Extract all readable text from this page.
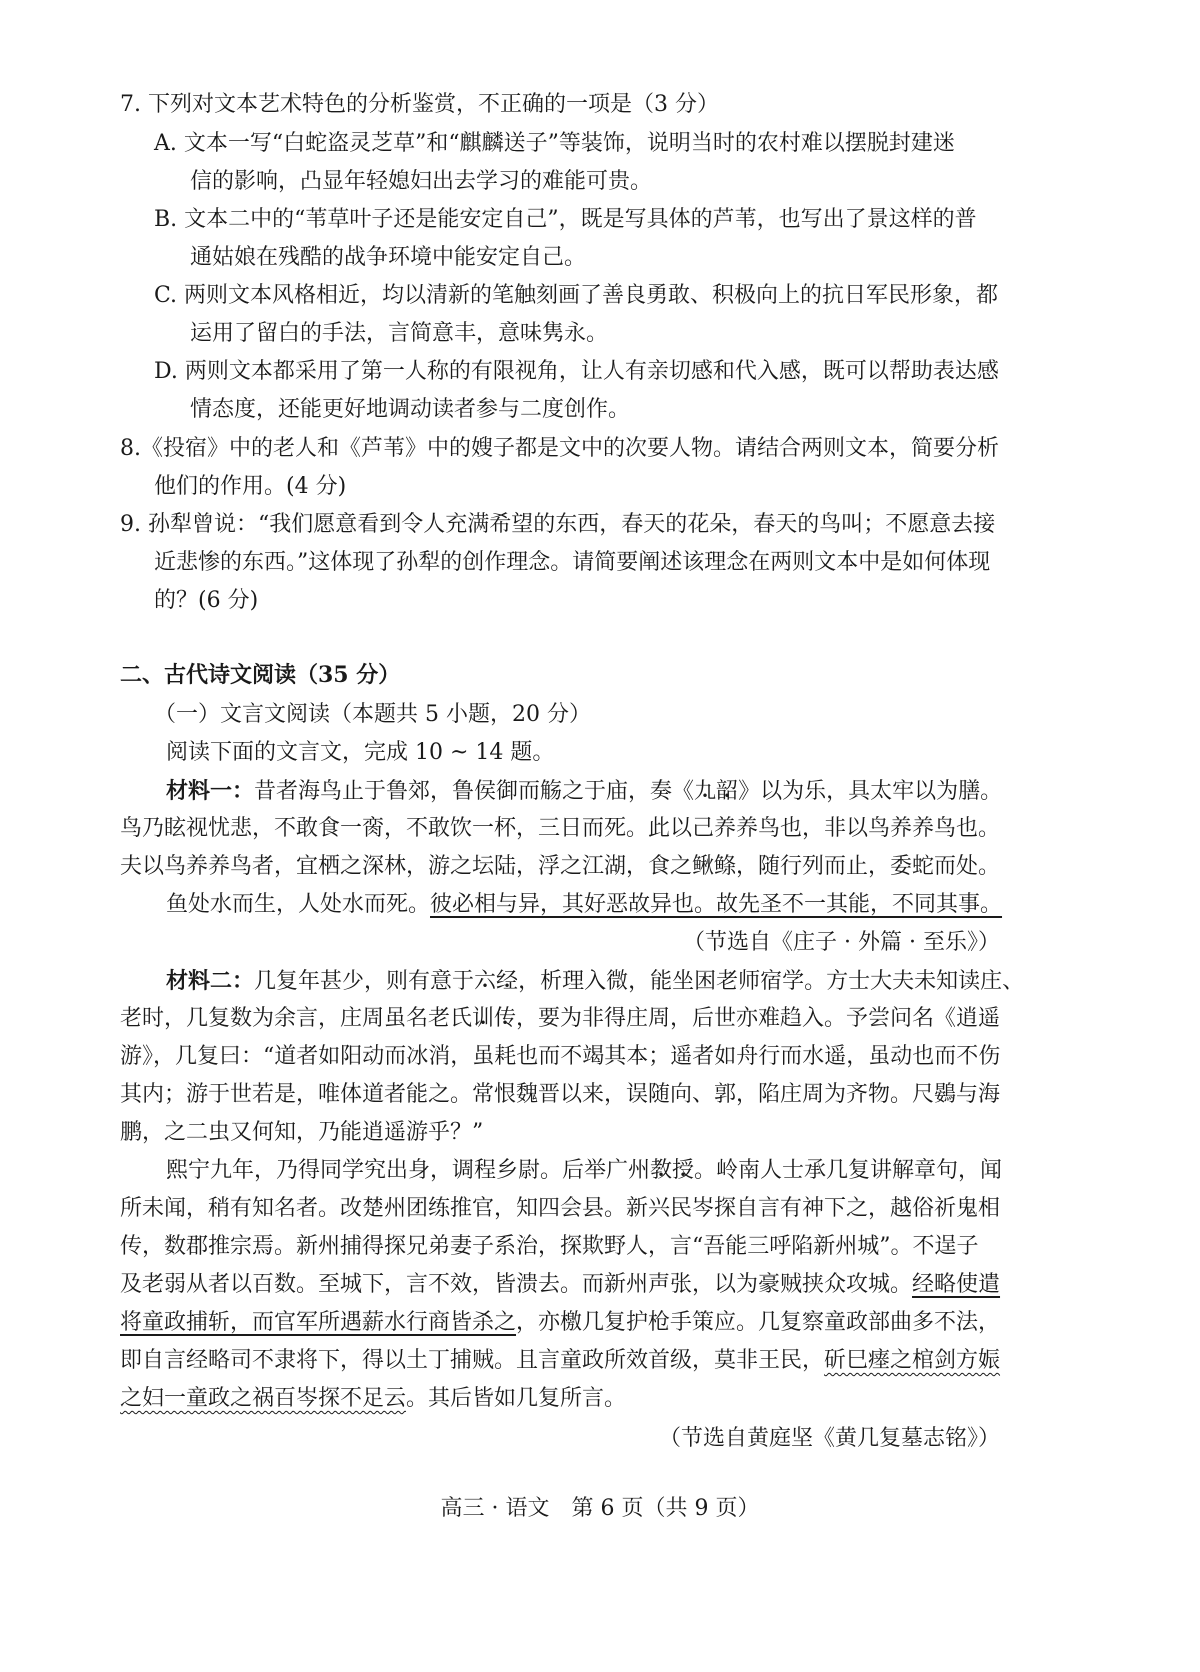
7. 下列对文本艺术特色的分析鉴赏，不正确的一项是（3 分）
A. 文本一写“白蛇盗灵芝草”和“麒麟送子”等装饰，说明当时的农村难以摆脱封建迷
信的影响，凸显年轻媳妇出去学习的难能可贵。
B. 文本二中的“苇草叶子还是能安定自己”，既是写具体的芦苇，也写出了景这样的普
通姑娘在残酷的战争环境中能安定自己。
C. 两则文本风格相近，均以清新的笔触刻画了善良勇敢、积极向上的抗日军民形象，都
运用了留白的手法，言简意丰，意味隽永。
D. 两则文本都采用了第一人称的有限视角，让人有亲切感和代入感，既可以帮助表达感
情态度，还能更好地调动读者参与二度创作。
8.《投宿》中的老人和《芦苇》中的嫂子都是文中的次要人物。请结合两则文本，简要分析
他们的作用。(4 分)
9. 孙犁曾说：“我们愿意看到令人充满希望的东西，春天的花朵，春天的鸟叫；不愿意去接
近悲惨的东西。”这体现了孙犁的创作理念。请简要阐述该理念在两则文本中是如何体现
的？(6 分)
二、古代诗文阅读（35 分）
（一）文言文阅读（本题共 5 小题，20 分）
阅读下面的文言文，完成 10 ~ 14 题。
材料一：昔者海鸟止于鲁郊，鲁侯御而觞之于庙，奏《九 •韶 •》以为乐，具太牢以为膳。
鸟乃眩视忧悲，不敢食一脔，不敢饮一杯，三日而死。此以己养养鸟也，非以鸟养养鸟也。
夫以鸟养养鸟者，宜栖之深林，游之坛陆，浮之江湖，食之鳅鲦，随行列而止，委蛇而处。
鱼处水而生，人处水而死。彼必相与异，其好恶故异也。故先圣不一其能，不同其事。
（节选自《庄子 · 外篇 · 至乐》）
材料二：几复年甚少，则有意于六 •经 •，析理入微，能坐困老师宿学。方士大夫未知读庄、
老时，几复数为余言，庄周虽名老氏训 •传 •，要为非得庄周，后世亦难趋入。予尝问名《逍遥
游》，几复曰：“道者如阳动而冰消，虽耗也而不竭其本；遥者如舟行而水遥，虽动也而不伤
其内；游于世若是，唯体道者能之。常恨魏晋以来，误随向、郭，陷庄周为齐物。尺鷃与海
鹏，之二虫又何知，乃能逍遥游乎？”
熙宁九年，乃得同学究出身，调程乡尉。后举广州教 •授 •。岭南人士承几复讲解章句，闻
所未闻，稍有知名者。改楚州团练推官，知四会县。新兴民岑探自言有神下之，越俗祈鬼相
传，数郡推宗焉。新州捕得探兄弟妻子系治，探欺野人，言“吾能三呼陷新州城”。不逞子
及老弱从者以百数。至城下，言不效，皆溃去。而新州声张，以为豪贼挟众攻城。经略使遣
将童政捕斩，而官军所遇薪水行商皆杀之，亦檄几复护枪手策应。几复察童政部曲多不法，
即自言经略司不隶将下，得以土丁捕贼。且言童政所效首级，莫非王民，斫巳瘗之棺剑方娠
之妇一童政之祸百岑探不足云。其后皆如几复所言。
（节选自黄庭坚《黄几复墓志铭》）
高三 · 语文　第 6 页（共 9 页）
